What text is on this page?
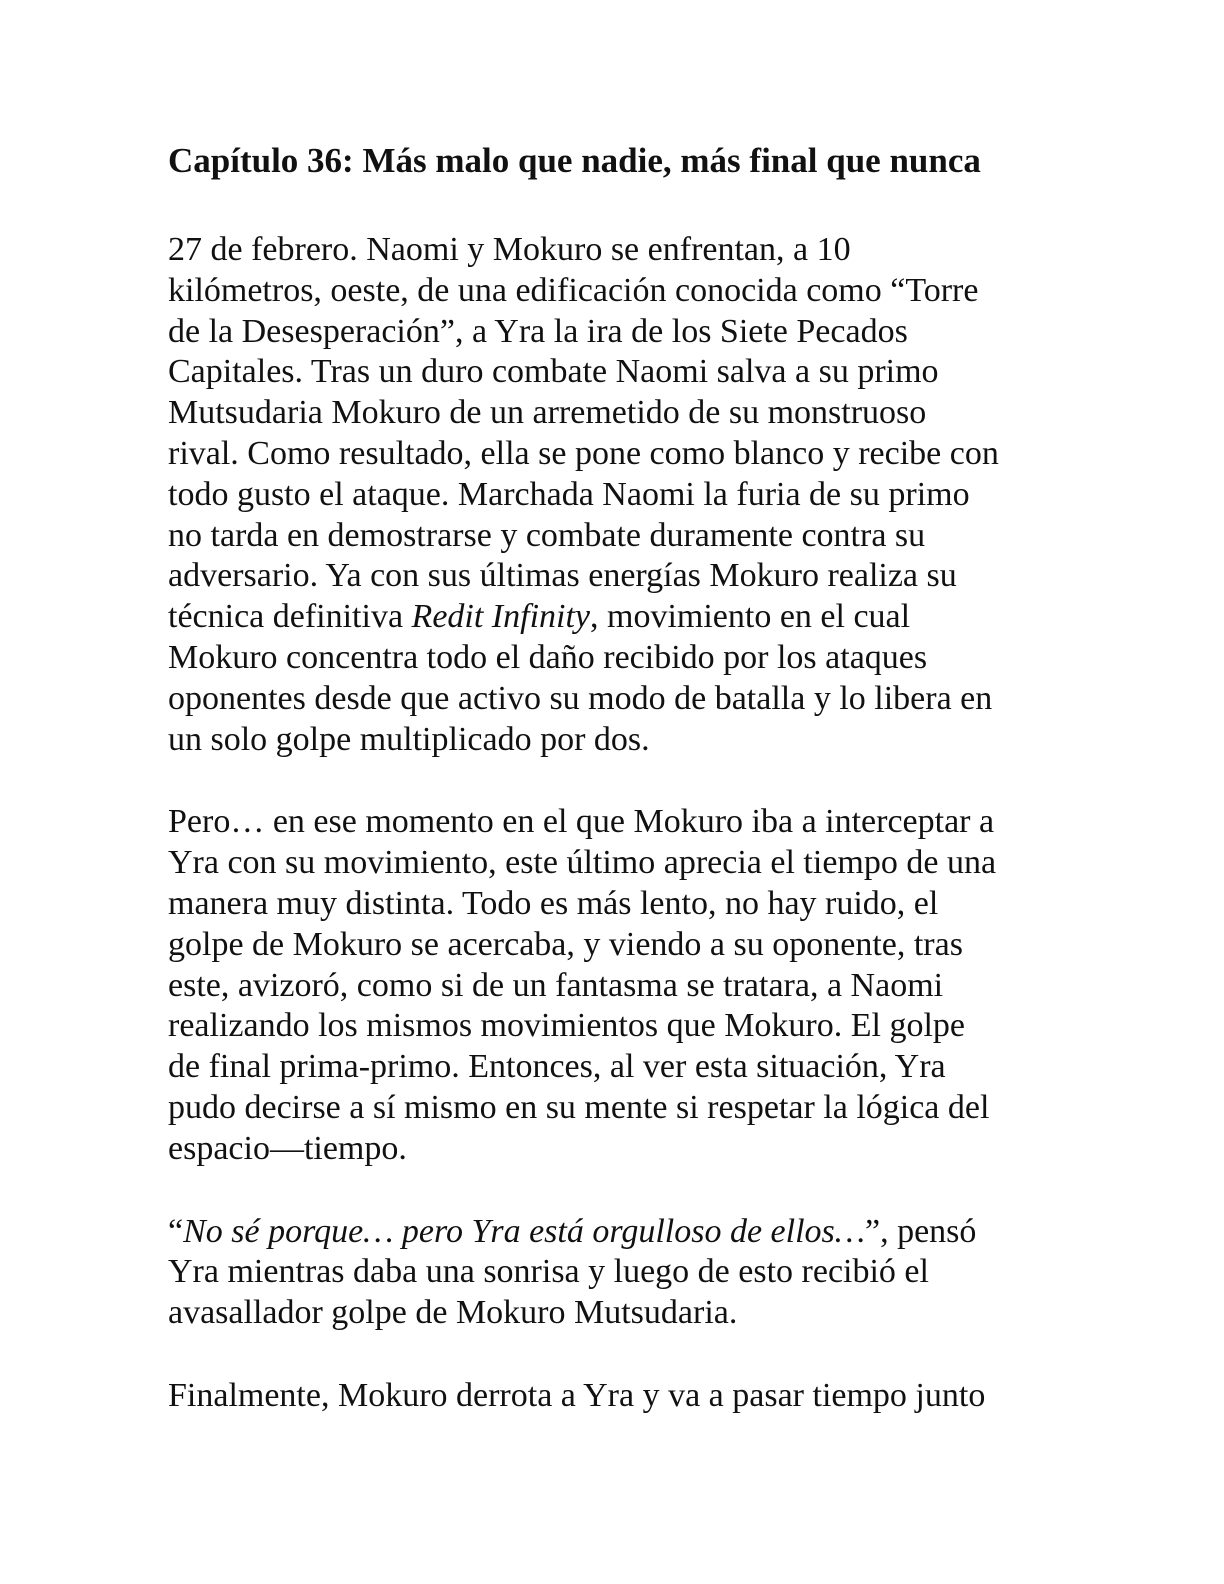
Capítulo 36: Más malo que nadie, más final que nunca

27 de febrero. Naomi y Mokuro se enfrentan, a 10
kilómetros, oeste, de una edificación conocida como “Torre
de la Desesperación”, a Yra la ira de los Siete Pecados
Capitales. Tras un duro combate Naomi salva a su primo
Mutsudaria Mokuro de un arremetido de su monstruoso
rival. Como resultado, ella se pone como blanco y recibe con
todo gusto el ataque. Marchada Naomi la furia de su primo
no tarda en demostrarse y combate duramente contra su
adversario. Ya con sus últimas energías Mokuro realiza su
técnica definitiva Redit Infinity, movimiento en el cual
Mokuro concentra todo el daño recibido por los ataques
oponentes desde que activo su modo de batalla y lo libera en
un solo golpe multiplicado por dos.

Pero… en ese momento en el que Mokuro iba a interceptar a
Yra con su movimiento, este último aprecia el tiempo de una
manera muy distinta. Todo es más lento, no hay ruido, el
golpe de Mokuro se acercaba, y viendo a su oponente, tras
este, avizoró, como si de un fantasma se tratara, a Naomi
realizando los mismos movimientos que Mokuro. El golpe
de final prima-primo. Entonces, al ver esta situación, Yra
pudo decirse a sí mismo en su mente si respetar la lógica del
espacio—tiempo.

“No sé porque… pero Yra está orgulloso de ellos…”, pensó
Yra mientras daba una sonrisa y luego de esto recibió el
avasallador golpe de Mokuro Mutsudaria.

Finalmente, Mokuro derrota a Yra y va a pasar tiempo junto
